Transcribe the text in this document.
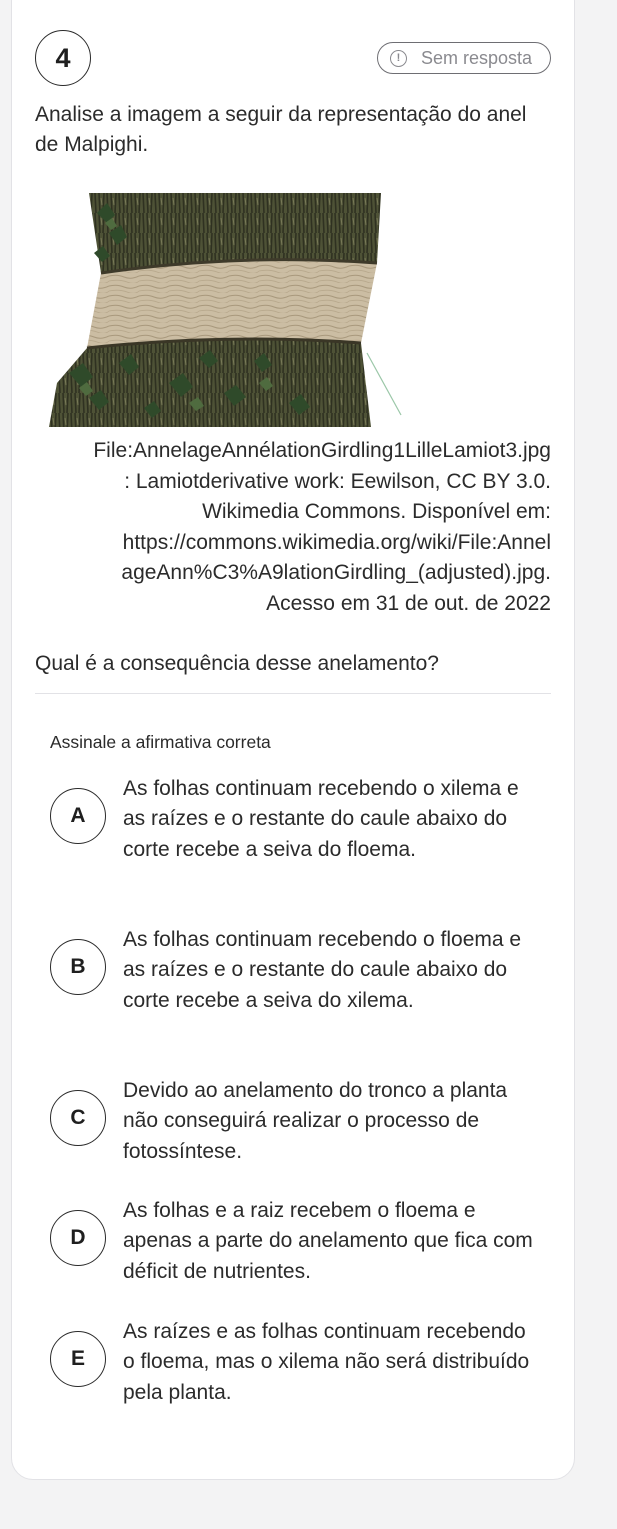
4	!	Sem resposta
Analise a imagem a seguir da representação do anel de Malpighi.
File:AnnelageAnnélationGirdling1LilleLamiot3.jpg
: Lamiotderivative work: Eewilson, CC BY 3.0.
Wikimedia Commons. Disponível em:
https://commons.wikimedia.org/wiki/File:Annel
ageAnn%C3%A9lationGirdling_(adjusted).jpg.
Acesso em 31 de out. de 2022
Qual é a consequência desse anelamento?
Assinale a afirmativa correta
A
As folhas continuam recebendo o xilema e as raízes e o restante do caule abaixo do corte recebe a seiva do floema.
B
As folhas continuam recebendo o floema e as raízes e o restante do caule abaixo do corte recebe a seiva do xilema.
C
Devido ao anelamento do tronco a planta não conseguirá realizar o processo de fotossíntese.
D
As folhas e a raiz recebem o floema e apenas a parte do anelamento que fica com déficit de nutrientes.
E
As raízes e as folhas continuam recebendo o floema, mas o xilema não será distribuído pela planta.
